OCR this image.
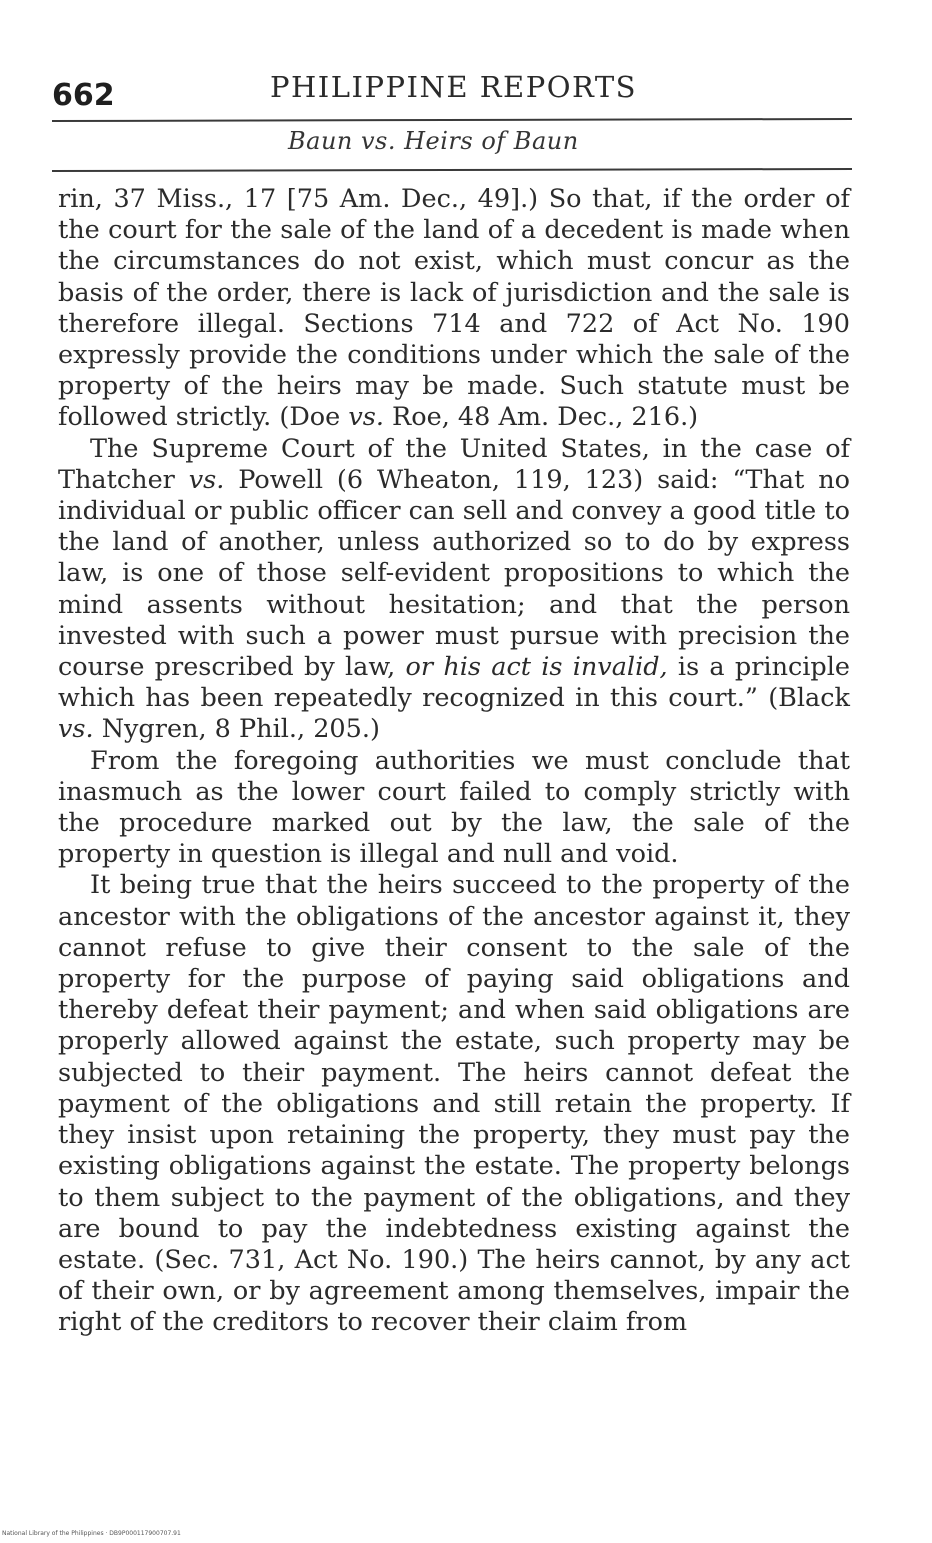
662	PHILIPPINE REPORTS
Baun vs. Heirs of Baun

rin, 37 Miss., 17 [75 Am. Dec., 49].) So that, if the order of the court for the sale of the land of a decedent is made when the circumstances do not exist, which must concur as the basis of the order, there is lack of jurisdiction and the sale is therefore illegal. Sections 714 and 722 of Act No. 190 expressly provide the conditions under which the sale of the property of the heirs may be made. Such statute must be followed strictly. (Doe vs. Roe, 48 Am. Dec., 216.)

The Supreme Court of the United States, in the case of Thatcher vs. Powell (6 Wheaton, 119, 123) said: “That no individual or public officer can sell and convey a good title to the land of another, unless authorized so to do by express law, is one of those self-evident propositions to which the mind assents without hesitation; and that the person invested with such a power must pursue with precision the course prescribed by law, or his act is invalid, is a principle which has been repeatedly recognized in this court.” (Black vs. Nygren, 8 Phil., 205.)

From the foregoing authorities we must conclude that inasmuch as the lower court failed to comply strictly with the procedure marked out by the law, the sale of the property in question is illegal and null and void.

It being true that the heirs succeed to the property of the ancestor with the obligations of the ancestor against it, they cannot refuse to give their consent to the sale of the property for the purpose of paying said obligations and thereby defeat their payment; and when said obligations are properly allowed against the estate, such property may be subjected to their payment. The heirs cannot defeat the payment of the obligations and still retain the property. If they insist upon retaining the property, they must pay the existing obligations against the estate. The property belongs to them subject to the payment of the obligations, and they are bound to pay the indebtedness existing against the estate. (Sec. 731, Act No. 190.) The heirs cannot, by any act of their own, or by agreement among themselves, impair the right of the creditors to recover their claim from

National Library of the Philippines · DB9P000117900707.91
